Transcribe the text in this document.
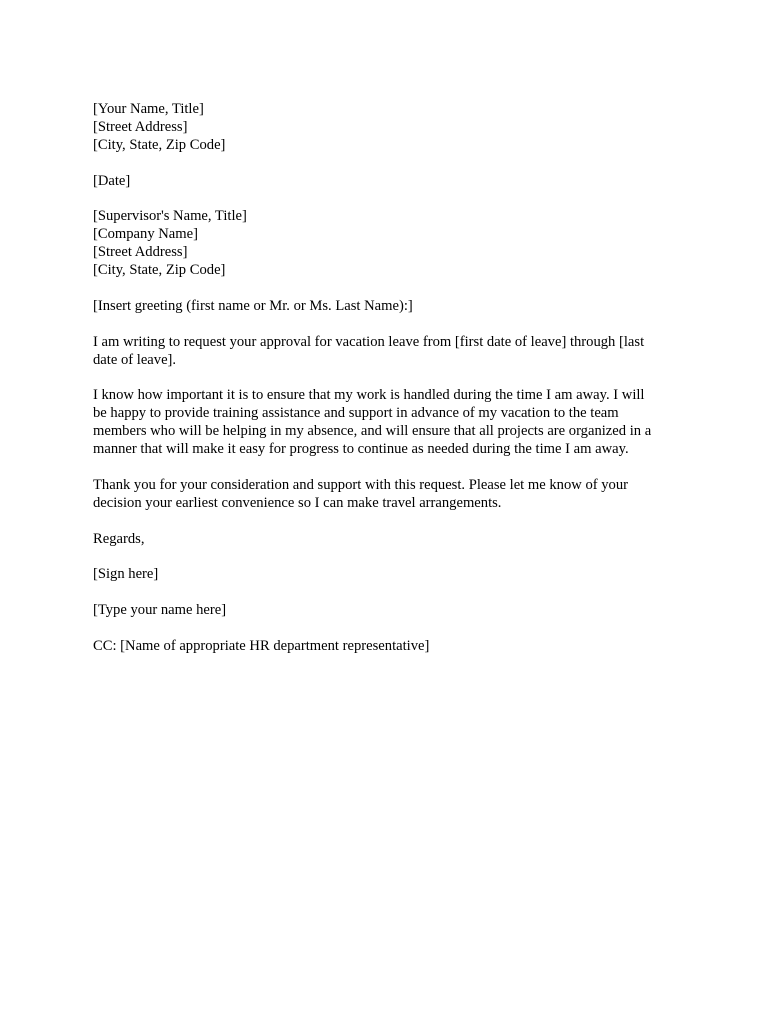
[Your Name, Title]
[Street Address]
[City, State, Zip Code]
[Date]
[Supervisor's Name, Title]
[Company Name]
[Street Address]
[City, State, Zip Code]
[Insert greeting (first name or Mr. or Ms. Last Name):]
I am writing to request your approval for vacation leave from [first date of leave] through [last
date of leave].
I know how important it is to ensure that my work is handled during the time I am away. I will
be happy to provide training assistance and support in advance of my vacation to the team
members who will be helping in my absence, and will ensure that all projects are organized in a
manner that will make it easy for progress to continue as needed during the time I am away.
Thank you for your consideration and support with this request. Please let me know of your
decision your earliest convenience so I can make travel arrangements.
Regards,
[Sign here]
[Type your name here]
CC: [Name of appropriate HR department representative]
